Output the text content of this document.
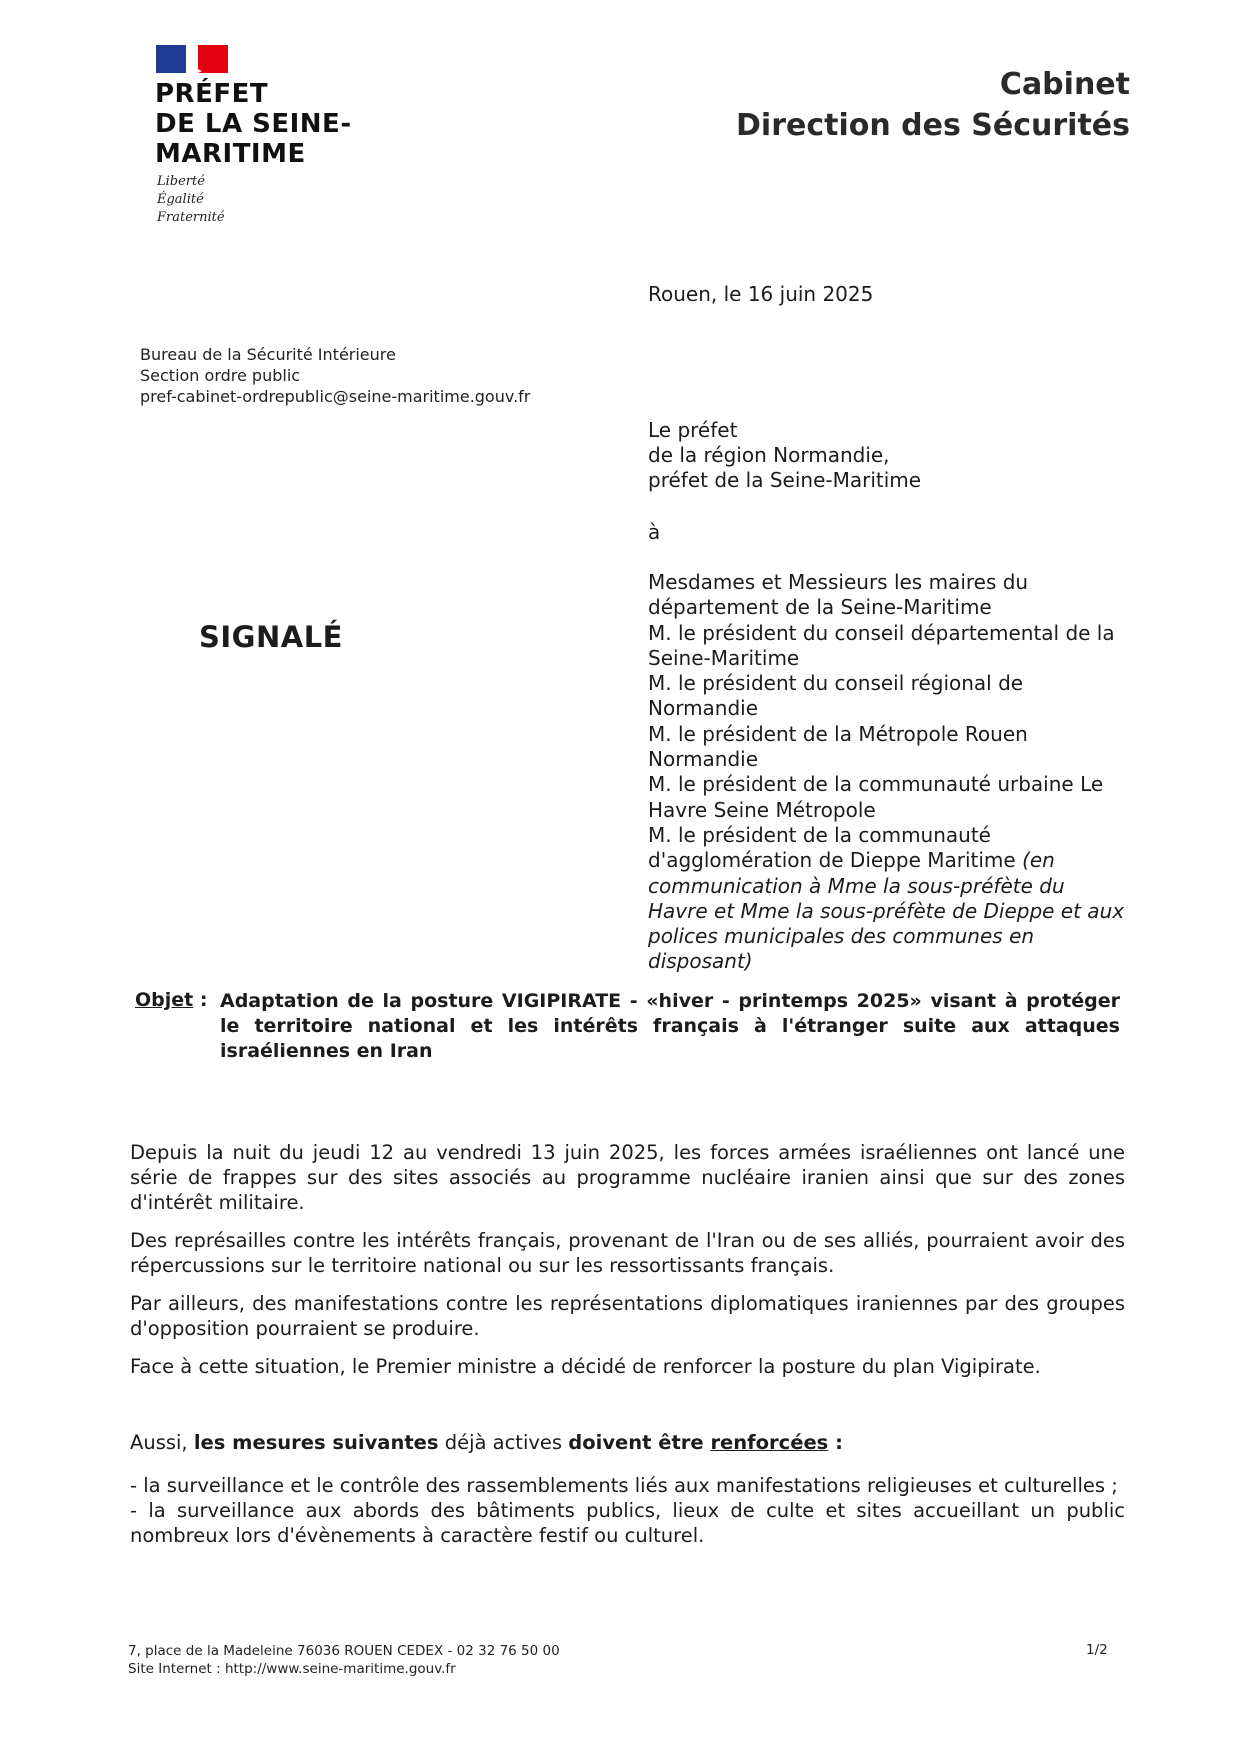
PRÉFET
DE LA SEINE-
MARITIME
Liberté
Égalité
Fraternité
Cabinet
Direction des Sécurités
Rouen, le 16 juin 2025
Bureau de la Sécurité Intérieure
Section ordre public
pref-cabinet-ordrepublic@seine-maritime.gouv.fr
Le préfet
de la région Normandie,
préfet de la Seine-Maritime
à
Mesdames et Messieurs les maires du département de la Seine-Maritime
M. le président du conseil départemental de la Seine-Maritime
M. le président du conseil régional de Normandie
M. le président de la Métropole Rouen Normandie
M. le président de la communauté urbaine Le Havre Seine Métropole
M. le président de la communauté d'agglomération de Dieppe Maritime (en communication à Mme la sous-préfète du Havre et Mme la sous-préfète de Dieppe et aux polices municipales des communes en disposant)
SIGNALÉ
Objet : Adaptation de la posture VIGIPIRATE - «hiver - printemps 2025» visant à protéger le territoire national et les intérêts français à l'étranger suite aux attaques israéliennes en Iran
Depuis la nuit du jeudi 12 au vendredi 13 juin 2025, les forces armées israéliennes ont lancé une série de frappes sur des sites associés au programme nucléaire iranien ainsi que sur des zones d'intérêt militaire.
Des représailles contre les intérêts français, provenant de l'Iran ou de ses alliés, pourraient avoir des répercussions sur le territoire national ou sur les ressortissants français.
Par ailleurs, des manifestations contre les représentations diplomatiques iraniennes par des groupes d'opposition pourraient se produire.
Face à cette situation, le Premier ministre a décidé de renforcer la posture du plan Vigipirate.
Aussi, les mesures suivantes déjà actives doivent être renforcées :
- la surveillance et le contrôle des rassemblements liés aux manifestations religieuses et culturelles ;
- la surveillance aux abords des bâtiments publics, lieux de culte et sites accueillant un public nombreux lors d'évènements à caractère festif ou culturel.
7, place de la Madeleine 76036 ROUEN CEDEX - 02 32 76 50 00
Site Internet : http://www.seine-maritime.gouv.fr
1/2
